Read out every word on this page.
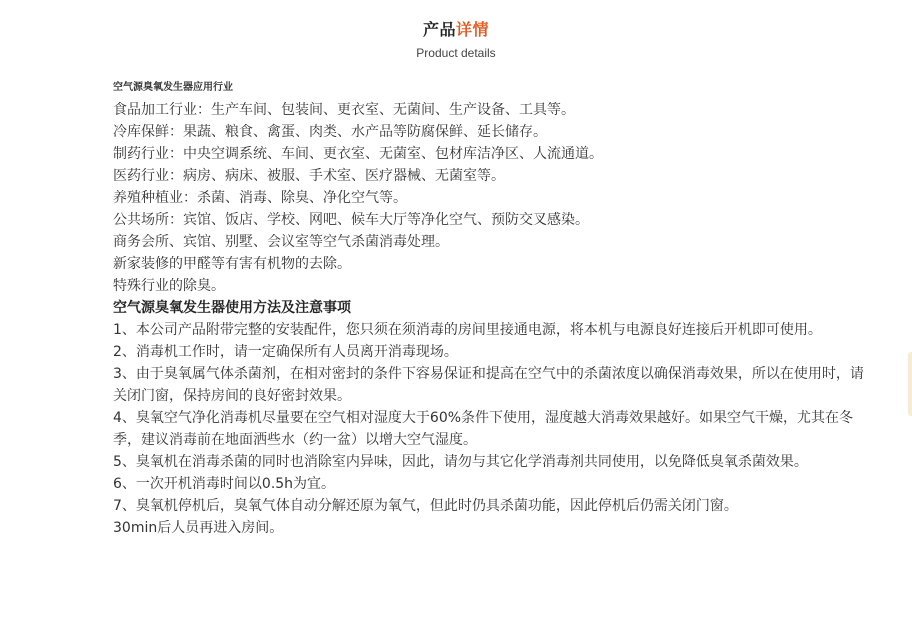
产品详情
Product details
空气源臭氧发生器应用行业
食品加工行业：生产车间、包装间、更衣室、无菌间、生产设备、工具等。
冷库保鲜：果蔬、粮食、禽蛋、肉类、水产品等防腐保鲜、延长储存。
制药行业：中央空调系统、车间、更衣室、无菌室、包材库洁净区、人流通道。
医药行业：病房、病床、被服、手术室、医疗器械、无菌室等。
养殖种植业：杀菌、消毒、除臭、净化空气等。
公共场所：宾馆、饭店、学校、网吧、候车大厅等净化空气、预防交叉感染。
商务会所、宾馆、别墅、会议室等空气杀菌消毒处理。
新家装修的甲醛等有害有机物的去除。
特殊行业的除臭。
空气源臭氧发生器使用方法及注意事项
1、本公司产品附带完整的安装配件，您只须在须消毒的房间里接通电源，将本机与电源良好连接后开机即可使用。
2、消毒机工作时，请一定确保所有人员离开消毒现场。
3、由于臭氧属气体杀菌剂，在相对密封的条件下容易保证和提高在空气中的杀菌浓度以确保消毒效果，所以在使用时，请关闭门窗，保持房间的良好密封效果。
4、臭氧空气净化消毒机尽量要在空气相对湿度大于60%条件下使用，湿度越大消毒效果越好。如果空气干燥，尤其在冬季，建议消毒前在地面洒些水（约一盆）以增大空气湿度。
5、臭氧机在消毒杀菌的同时也消除室内异味，因此，请勿与其它化学消毒剂共同使用，以免降低臭氧杀菌效果。
6、一次开机消毒时间以0.5h为宜。
7、臭氧机停机后，臭氧气体自动分解还原为氧气，但此时仍具杀菌功能，因此停机后仍需关闭门窗。
30min后人员再进入房间。
